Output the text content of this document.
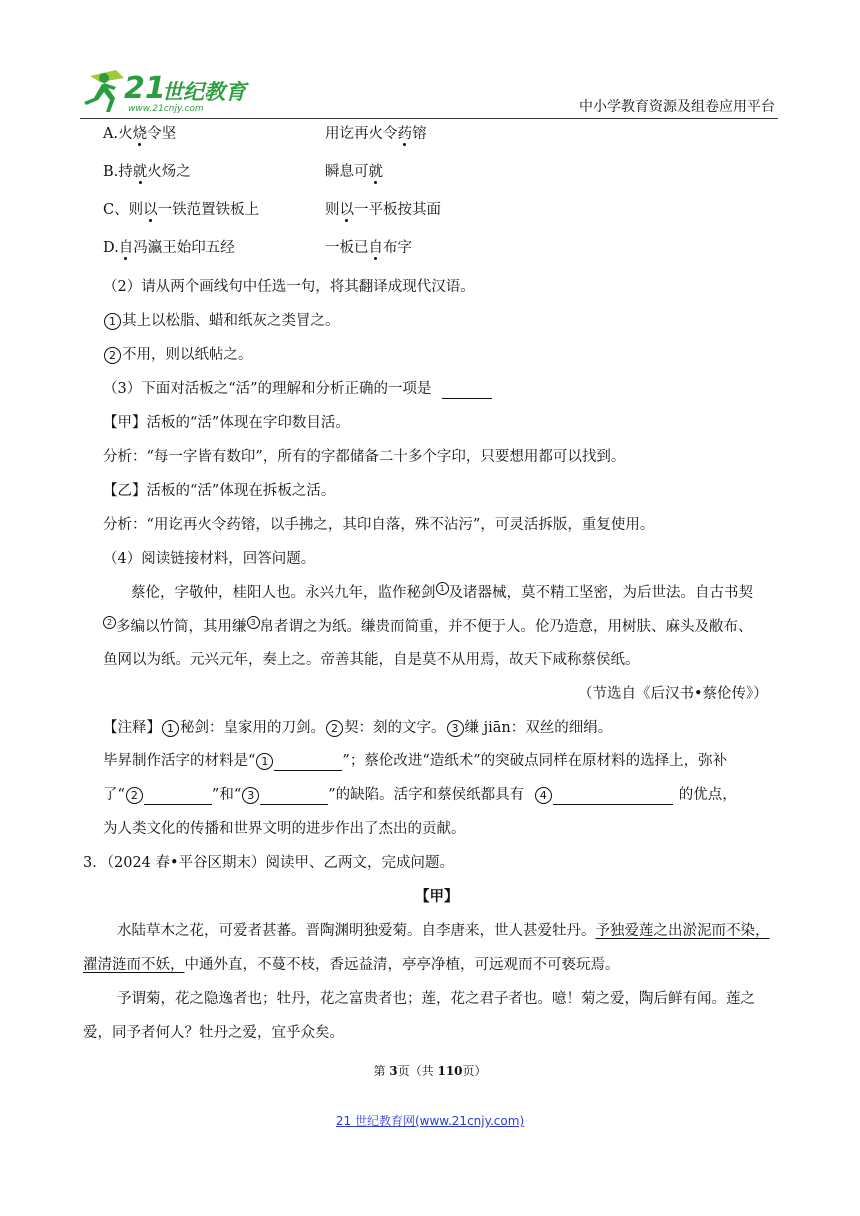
21
世纪教育
www.21cnjy.com	中小学教育资源及组卷应用平台
A.火烧令坚	用讫再火令药镕
B.持就火炀之	瞬息可就
C、则以一铁范置铁板上	则以一平板按其面
D.自冯瀛王始印五经	一板已自布字
（2）请从两个画线句中任选一句，将其翻译成现代汉语。
1 其上以松脂、蜡和纸灰之类冒之。
2 不用，则以纸帖之。
（3）下面对活板之“活”的理解和分析正确的一项是
【甲】活板的“活”体现在字印数目活。
分析：“每一字皆有数印”，所有的字都储备二十多个字印，只要想用都可以找到。
【乙】活板的“活”体现在拆板之活。
分析：“用讫再火令药镕，以手拂之，其印自落，殊不沾污”，可灵活拆版，重复使用。
（4）阅读链接材料，回答问题。
蔡伦，字敬仲，桂阳人也。永兴九年，监作秘剑 1 及诸器械，莫不精工坚密，为后世法。自古书契
2 多编以竹简，其用缣 3 帛者谓之为纸。缣贵而简重，并不便于人。伦乃造意，用树肤、麻头及敝布、
鱼网以为纸。元兴元年，奏上之。帝善其能，自是莫不从用焉，故天下咸称蔡侯纸。
（节选自《后汉书•蔡伦传》）
【注释】 1 秘剑：皇家用的刀剑。 2 契：刻的文字。 3 缣 jiān：双丝的细绢。
毕昇制作活字的材料是“ 1	”；蔡伦改进“造纸术”的突破点同样在原材料的选择上，弥补
了“ 2	”和“ 3	”的缺陷。活字和蔡侯纸都具有 4	的优点，
为人类文化的传播和世界文明的进步作出了杰出的贡献。
3．（2024 春•平谷区期末）阅读甲、乙两文，完成问题。
【甲】
水陆草木之花，可爱者甚蕃。晋陶渊明独爱菊。自李唐来，世人甚爱牡丹。予独爱莲之出淤泥而不染，
濯清涟而不妖，中通外直，不蔓不枝，香远益清，亭亭净植，可远观而不可亵玩焉。
予谓菊，花之隐逸者也；牡丹，花之富贵者也；莲，花之君子者也。噫！菊之爱，陶后鲜有闻。莲之
爱，同予者何人？牡丹之爱，宜乎众矣。
第 3页（共 110页）
21 世纪教育网(www.21cnjy.com)
